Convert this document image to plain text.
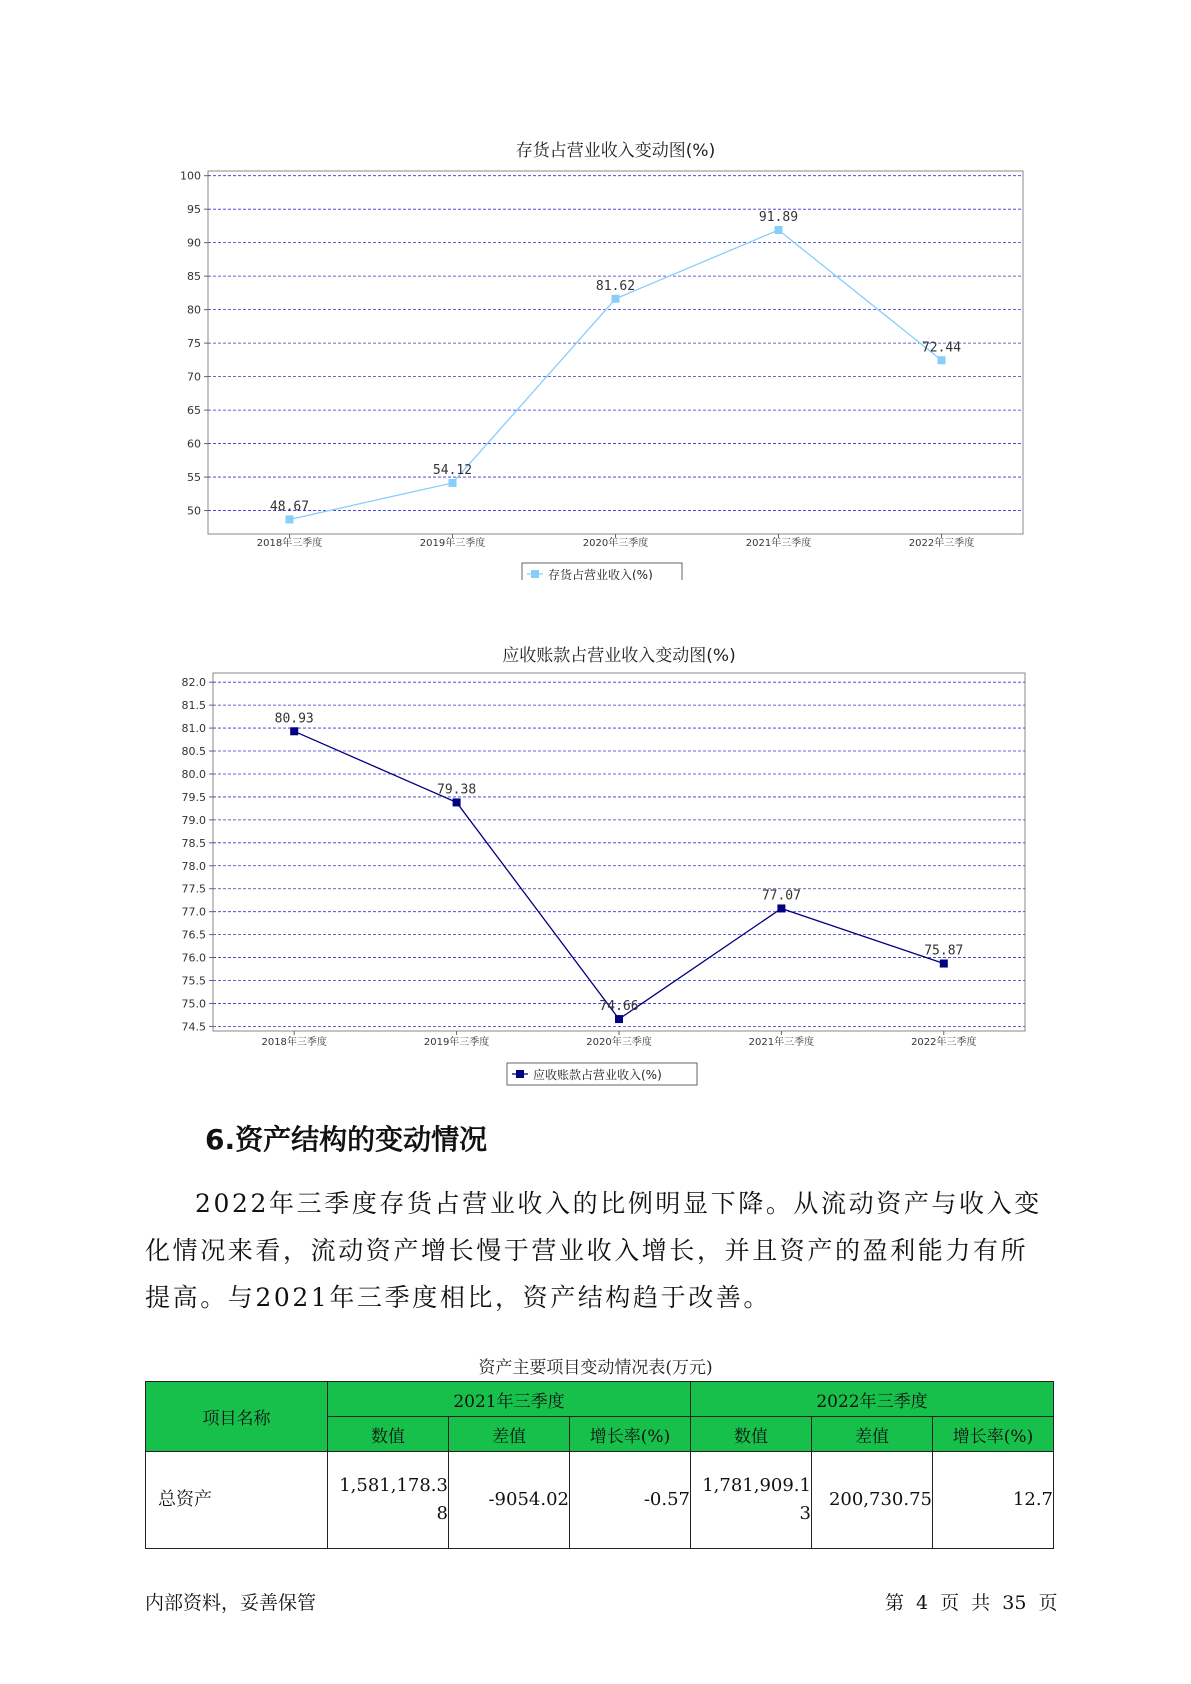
存货占营业收入变动图(%)
50
55
60
65
70
75
80
85
90
95
100
2018年三季度	2019年三季度	2020年三季度	2021年三季度	2022年三季度
48.67
54.12
81.62
91.89
72.44
存货占营业收入(%)
应收账款占营业收入变动图(%)
74.5
75.0
75.5
76.0
76.5
77.0
77.5
78.0
78.5
79.0
79.5
80.0
80.5
81.0
81.5
82.0
2018年三季度	2019年三季度	2020年三季度	2021年三季度	2022年三季度
80.93
79.38
74.66
77.07
75.87
应收账款占营业收入(%)
6.资产结构的变动情况

2022年三季度存货占营业收入的比例明显下降。从流动资产与收入变化情况来看，流动资产增长慢于营业收入增长，并且资产的盈利能力有所提高。与2021年三季度相比，资产结构趋于改善。

资产主要项目变动情况表(万元)

项目名称	2021年三季度			2022年三季度		
	数值	差值	增长率(%)	数值	差值	增长率(%)
总资产	1,581,178.38	-9054.02	-0.57	1,781,909.13	200,730.75	12.7
内部资料，妥善保管	第 4 页 共 35 页
